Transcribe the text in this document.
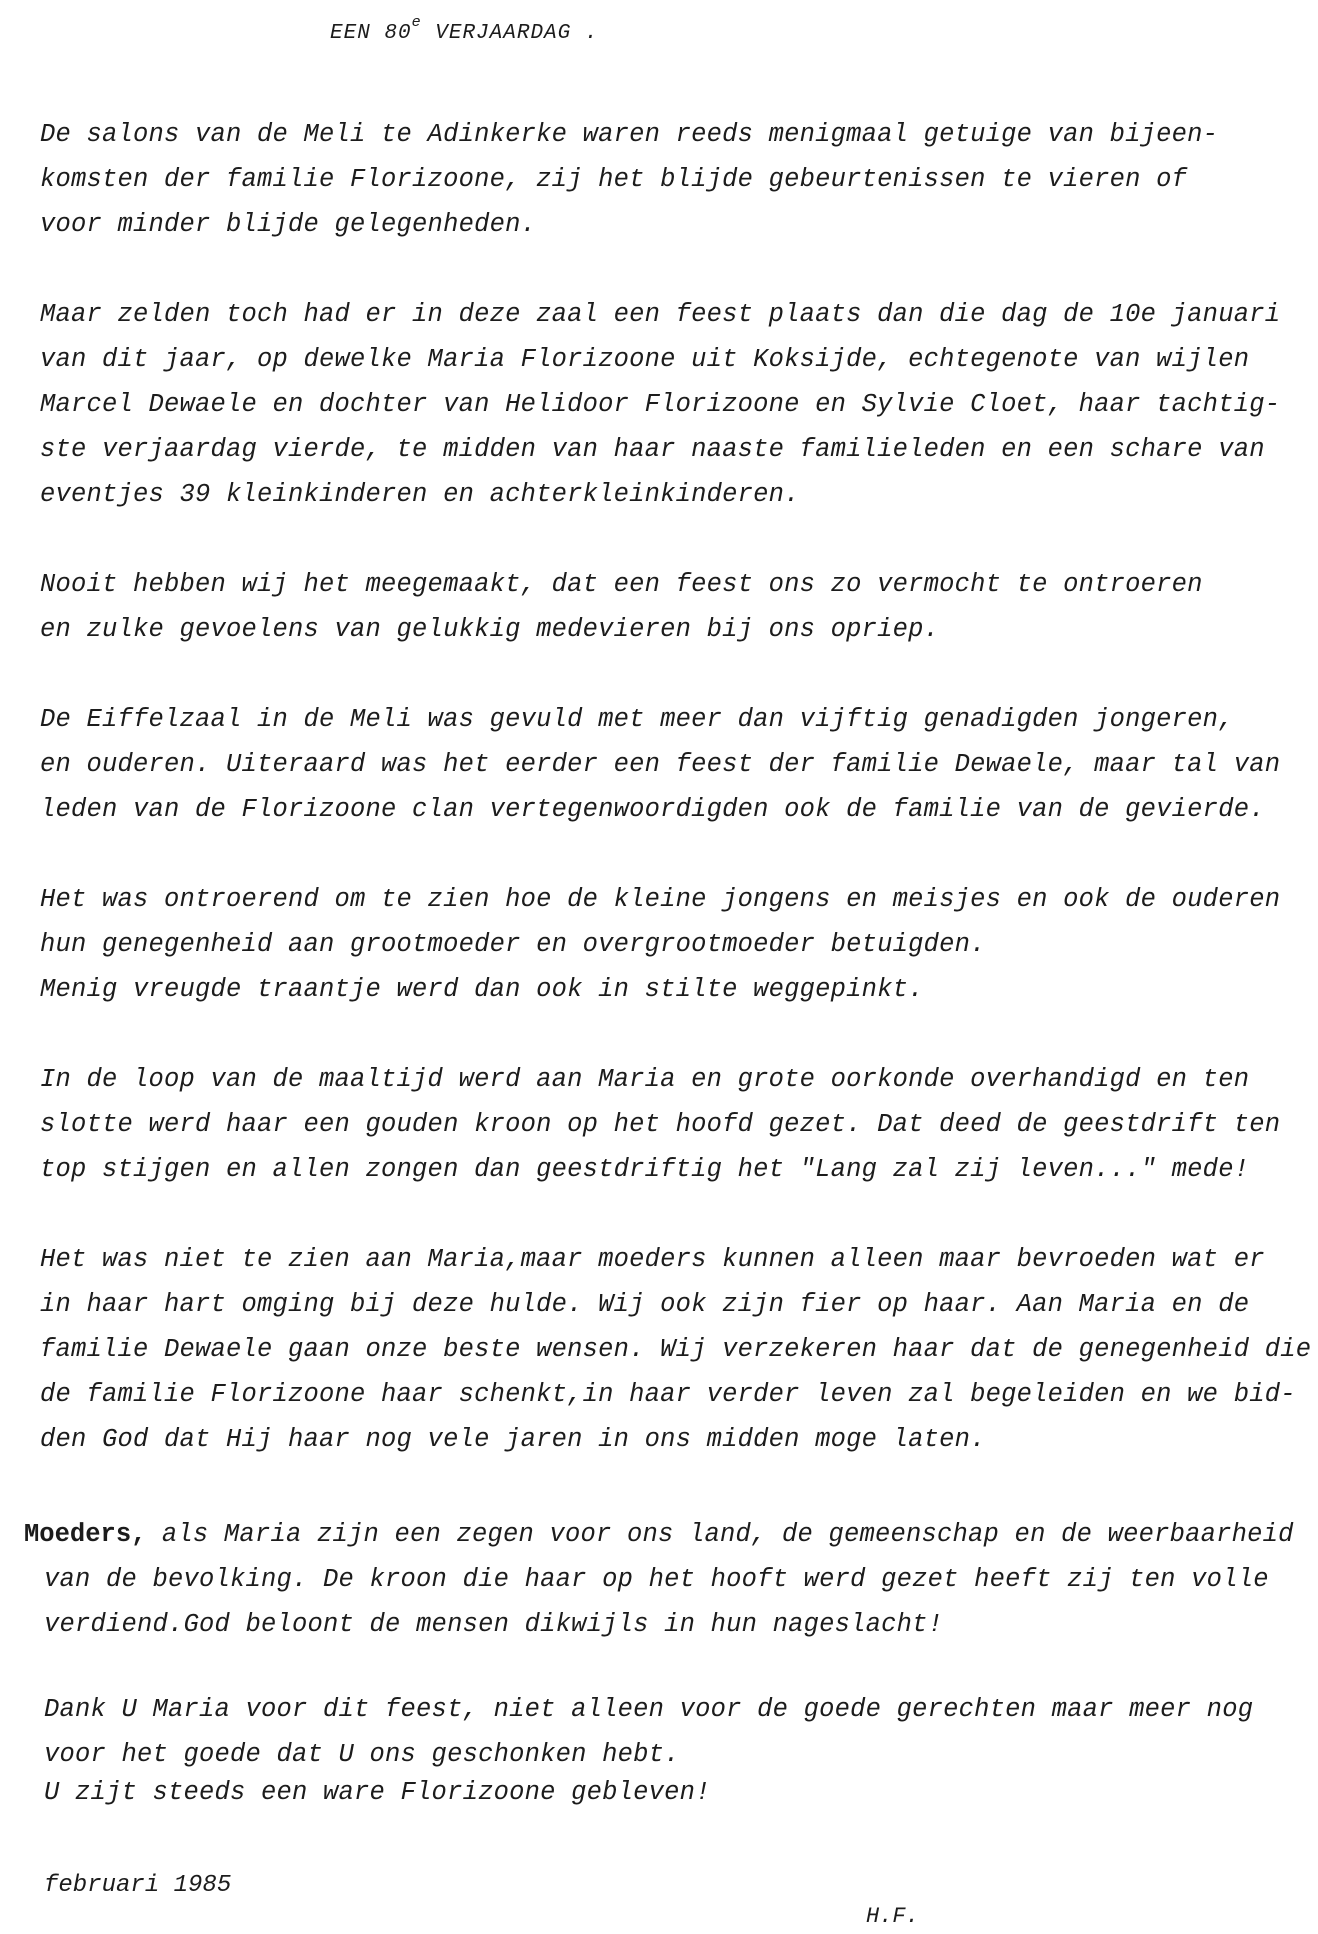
EEN 80e VERJAARDAG .
De salons van de Meli te Adinkerke waren reeds menigmaal getuige van bijeen-
komsten der familie Florizoone, zij het blijde gebeurtenissen te vieren of
voor minder blijde gelegenheden.
Maar zelden toch had er in deze zaal een feest plaats dan die dag de 10e januari
van dit jaar, op dewelke Maria Florizoone uit Koksijde, echtegenote van wijlen
Marcel Dewaele en dochter van Helidoor Florizoone en Sylvie Cloet, haar tachtig-
ste verjaardag vierde, te midden van haar naaste familieleden en een schare van
eventjes 39 kleinkinderen en achterkleinkinderen.
Nooit hebben wij het meegemaakt, dat een feest ons zo vermocht te ontroeren
en zulke gevoelens van gelukkig medevieren bij ons opriep.
De Eiffelzaal in de Meli was gevuld met meer dan vijftig genadigden jongeren,
en ouderen. Uiteraard was het eerder een feest der familie Dewaele, maar tal van
leden van de Florizoone clan vertegenwoordigden ook de familie van de gevierde.
Het was ontroerend om te zien hoe de kleine jongens en meisjes en ook de ouderen
hun genegenheid aan grootmoeder en overgrootmoeder betuigden.
Menig vreugde traantje werd dan ook in stilte weggepinkt.
In de loop van de maaltijd werd aan Maria en grote oorkonde overhandigd en ten
slotte werd haar een gouden kroon op het hoofd gezet. Dat deed de geestdrift ten
top stijgen en allen zongen dan geestdriftig het "Lang zal zij leven..." mede!
Het was niet te zien aan Maria,maar moeders kunnen alleen maar bevroeden wat er
in haar hart omging bij deze hulde. Wij ook zijn fier op haar. Aan Maria en de
familie Dewaele gaan onze beste wensen. Wij verzekeren haar dat de genegenheid die
de familie Florizoone haar schenkt,in haar verder leven zal begeleiden en we bid-
den God dat Hij haar nog vele jaren in ons midden moge laten.
Moeders, als Maria zijn een zegen voor ons land, de gemeenschap en de weerbaarheid
van de bevolking. De kroon die haar op het hooft werd gezet heeft zij ten volle
verdiend.God beloont de mensen dikwijls in hun nageslacht!
Dank U Maria voor dit feest, niet alleen voor de goede gerechten maar meer nog
voor het goede dat U ons geschonken hebt.
U zijt steeds een ware Florizoone gebleven!
februari 1985
H.F.
